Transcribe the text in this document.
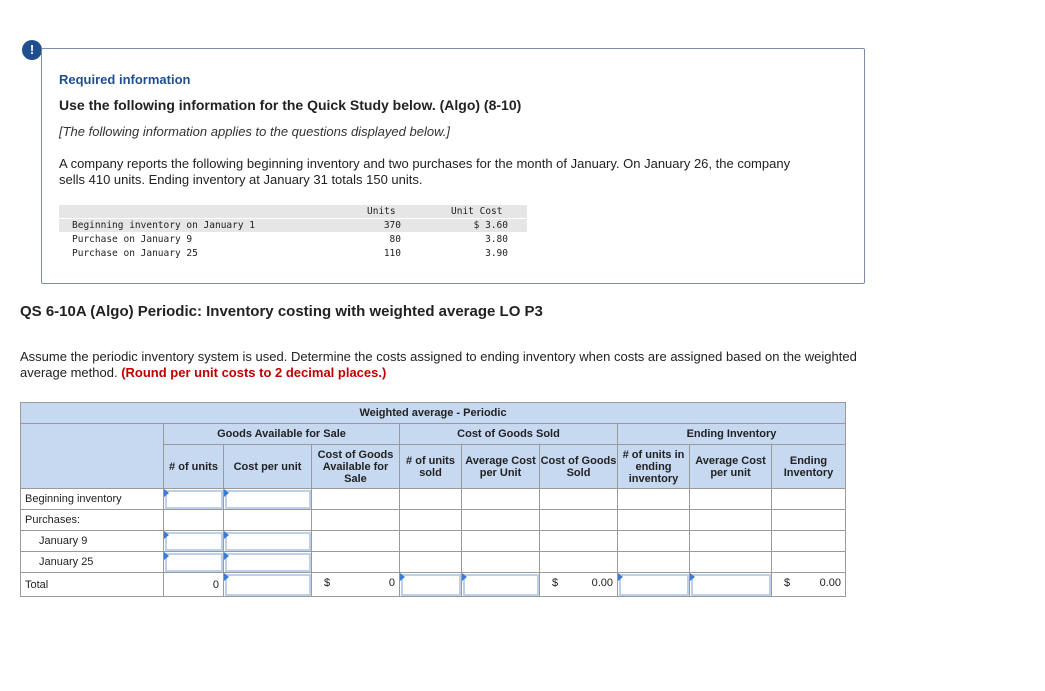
!
Required information
Use the following information for the Quick Study below. (Algo) (8-10)
[The following information applies to the questions displayed below.]
A company reports the following beginning inventory and two purchases for the month of January. On January 26, the company sells 410 units. Ending inventory at January 31 totals 150 units.
Units	Unit Cost
Beginning inventory on January 1	370	$ 3.60
Purchase on January 9	80	3.80
Purchase on January 25	110	3.90
QS 6-10A (Algo) Periodic: Inventory costing with weighted average LO P3
Assume the periodic inventory system is used. Determine the costs assigned to ending inventory when costs are assigned based on the weighted average method. (Round per unit costs to 2 decimal places.)
Weighted average - Periodic									
	Goods Available for Sale			Cost of Goods Sold			Ending Inventory		
	# of units	Cost per unit	Cost of Goods Available for Sale	# of units sold	Average Cost per Unit	Cost of Goods Sold	# of units in ending inventory	Average Cost per unit	Ending Inventory
Beginning inventory									
Purchases:									
January 9									
January 25									
Total	0		$ 0			$ 0.00			$ 0.00
